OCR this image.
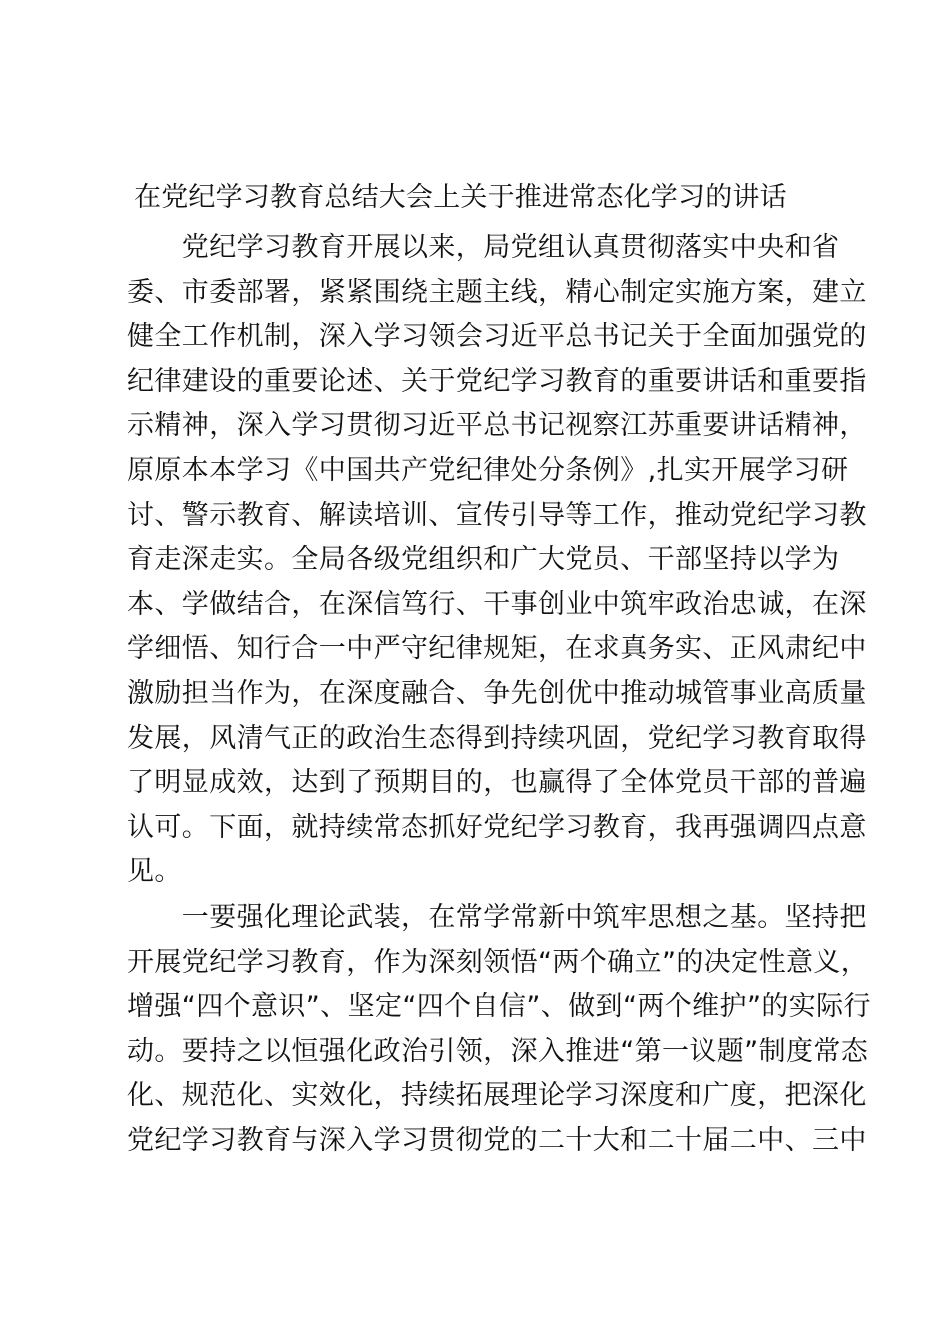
在党纪学习教育总结大会上关于推进常态化学习的讲话
　　党纪学习教育开展以来，局党组认真贯彻落实中央和省
委、市委部署，紧紧围绕主题主线，精心制定实施方案，建立
健全工作机制，深入学习领会习近平总书记关于全面加强党的
纪律建设的重要论述、关于党纪学习教育的重要讲话和重要指
示精神，深入学习贯彻习近平总书记视察江苏重要讲话精神，
原原本本学习《中国共产党纪律处分条例》,扎实开展学习研
讨、警示教育、解读培训、宣传引导等工作，推动党纪学习教
育走深走实。全局各级党组织和广大党员、干部坚持以学为
本、学做结合，在深信笃行、干事创业中筑牢政治忠诚，在深
学细悟、知行合一中严守纪律规矩，在求真务实、正风肃纪中
激励担当作为，在深度融合、争先创优中推动城管事业高质量
发展，风清气正的政治生态得到持续巩固，党纪学习教育取得
了明显成效，达到了预期目的，也赢得了全体党员干部的普遍
认可。下面，就持续常态抓好党纪学习教育，我再强调四点意
见。
　　一要强化理论武装，在常学常新中筑牢思想之基。坚持把
开展党纪学习教育，作为深刻领悟“两个确立”的决定性意义，
增强“四个意识”、坚定“四个自信”、做到“两个维护”的实际行
动。要持之以恒强化政治引领，深入推进“第一议题”制度常态
化、规范化、实效化，持续拓展理论学习深度和广度，把深化
党纪学习教育与深入学习贯彻党的二十大和二十届二中、三中
